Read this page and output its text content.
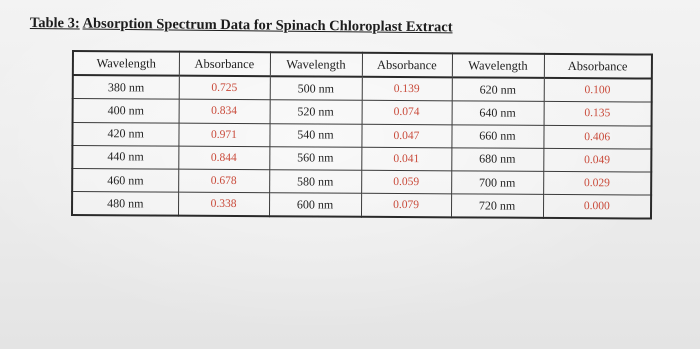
Table 3: Absorption Spectrum Data for Spinach Chloroplast Extract
Wavelength	Absorbance	Wavelength	Absorbance	Wavelength	Absorbance
380 nm	0.725	500 nm	0.139	620 nm	0.100
400 nm	0.834	520 nm	0.074	640 nm	0.135
420 nm	0.971	540 nm	0.047	660 nm	0.406
440 nm	0.844	560 nm	0.041	680 nm	0.049
460 nm	0.678	580 nm	0.059	700 nm	0.029
480 nm	0.338	600 nm	0.079	720 nm	0.000
